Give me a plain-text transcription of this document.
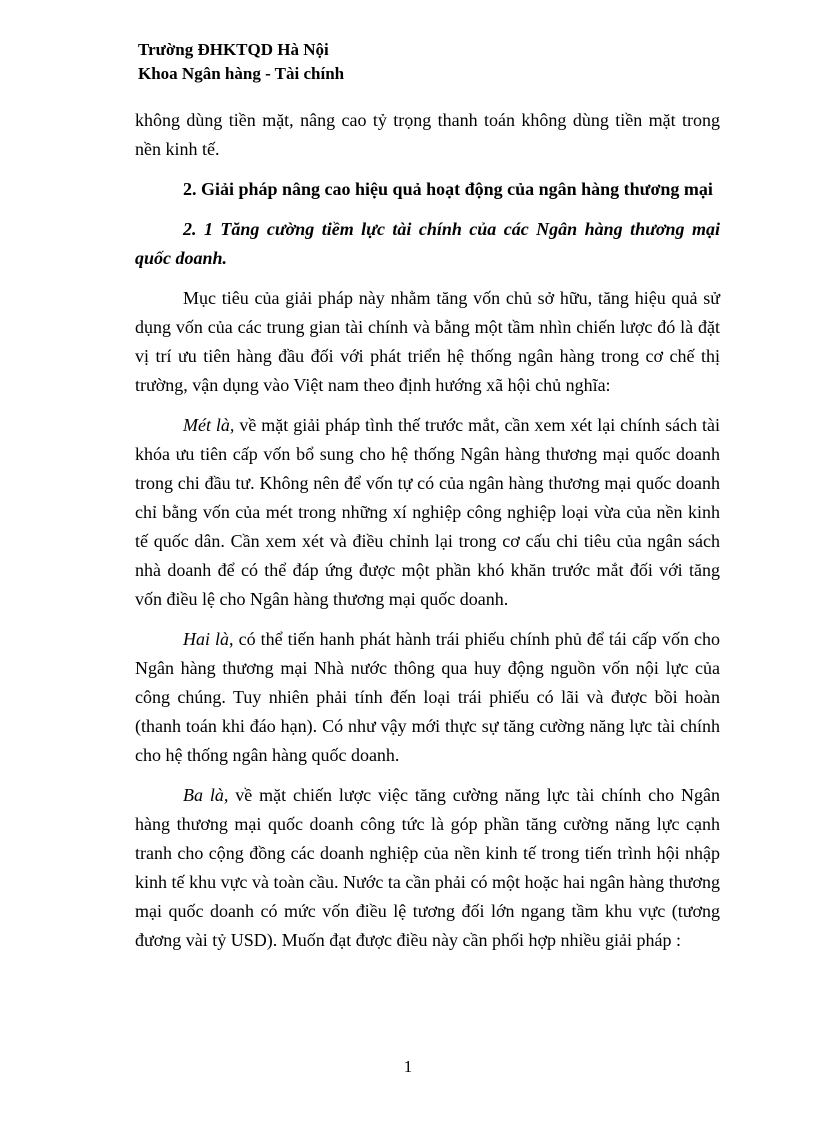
Trường ĐHKTQD Hà Nội
Khoa Ngân hàng - Tài chính

không dùng tiền mặt, nâng cao tỷ trọng thanh toán không dùng tiền mặt trong nền kinh tế.

2. Giải pháp nâng cao hiệu quả hoạt động của ngân hàng thương mại

2. 1 Tăng cường tiềm lực tài chính của các Ngân hàng thương mại quốc doanh.

Mục tiêu của giải pháp này nhằm tăng vốn chủ sở hữu, tăng hiệu quả sử dụng vốn của các trung gian tài chính và bằng một tầm nhìn chiến lược đó là đặt vị trí ưu tiên hàng đầu đối với phát triển hệ thống ngân hàng trong cơ chế thị trường, vận dụng vào Việt nam theo định hướng xã hội chủ nghĩa:

Mét là, về mặt giải pháp tình thế trước mắt, cần xem xét lại chính sách tài khóa ưu tiên cấp vốn bổ sung cho hệ thống Ngân hàng thương mại quốc doanh trong chi đầu tư. Không nên để vốn tự có của ngân hàng thương mại quốc doanh chỉ bằng vốn của mét trong những xí nghiệp công nghiệp loại vừa của nền kinh tế quốc dân. Cần xem xét và điều chỉnh lại trong cơ cấu chi tiêu của ngân sách nhà doanh để có thể đáp ứng được một phần khó khăn trước mắt đối với tăng vốn điều lệ cho Ngân hàng thương mại quốc doanh.

Hai là, có thể tiến hanh phát hành trái phiếu chính phủ để tái cấp vốn cho Ngân hàng thương mại Nhà nước thông qua huy động nguồn vốn nội lực của công chúng. Tuy nhiên phải tính đến loại trái phiếu có lãi và được bồi hoàn (thanh toán khi đáo hạn). Có như vậy mới thực sự tăng cường năng lực tài chính cho hệ thống ngân hàng quốc doanh.

Ba là, về mặt chiến lược việc tăng cường năng lực tài chính cho Ngân hàng thương mại quốc doanh công tức là góp phần tăng cường năng lực cạnh tranh cho cộng đồng các doanh nghiệp của nền kinh tế trong tiến trình hội nhập kinh tế khu vực và toàn cầu. Nước ta cần phải có một hoặc hai ngân hàng thương mại quốc doanh có mức vốn điều lệ tương đối lớn ngang tầm khu vực (tương đương vài tỷ USD). Muốn đạt được điều này cần phối hợp nhiều giải pháp :

1
